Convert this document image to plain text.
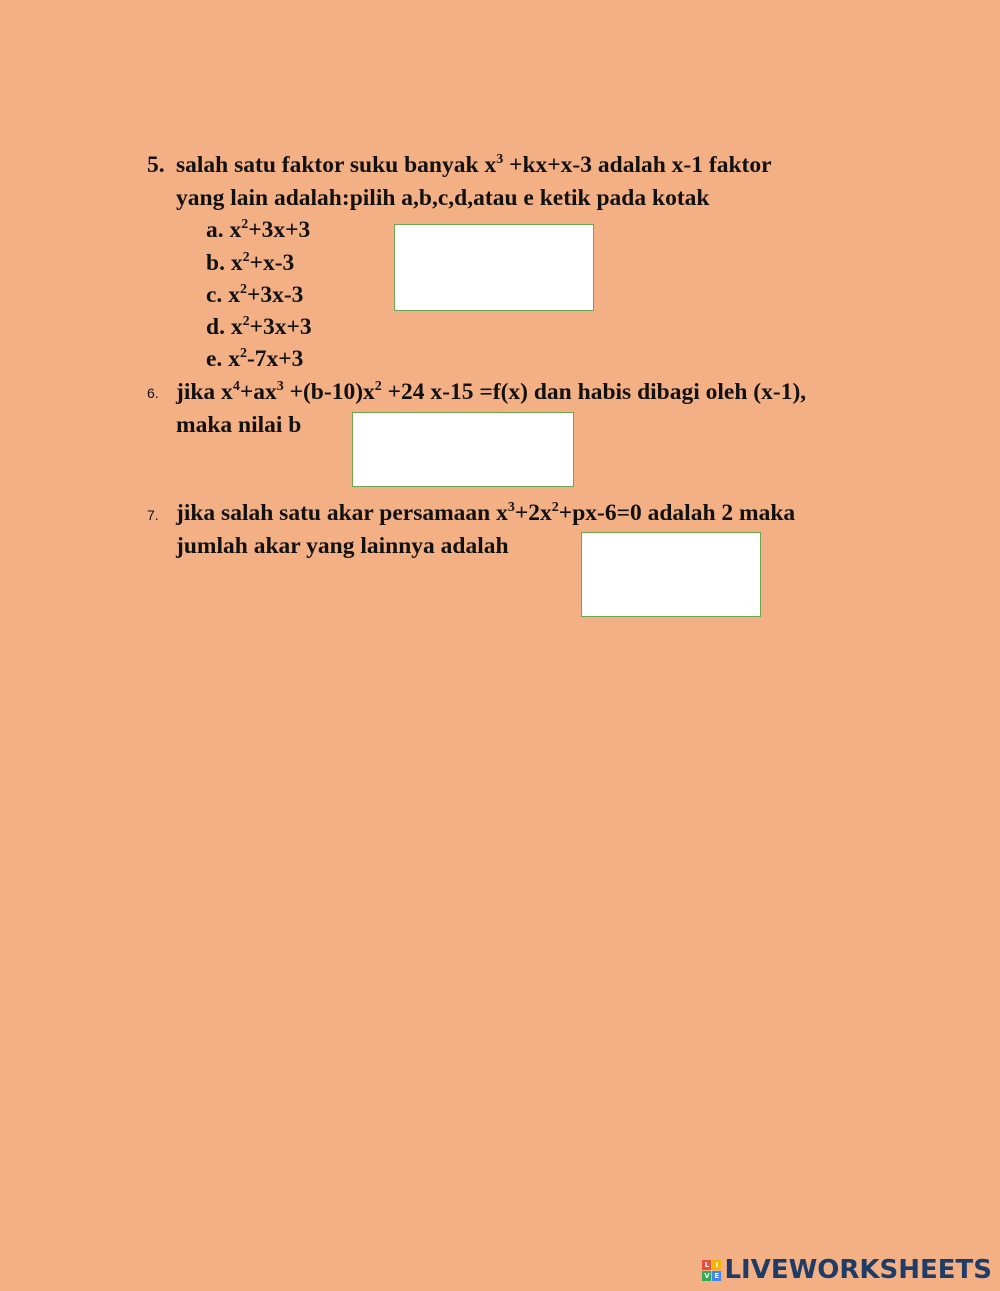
5. salah satu faktor suku banyak $x^3 +kx+x-3$ adalah x-1 faktor
yang lain adalah:pilih a,b,c,d,atau e ketik pada kotak
a. $x^2+3x+3$
b. $x^2+x-3$
c. $x^2+3x-3$
d. $x^2+3x+3$
e. $x^2-7x+3$
6. jika $x^4+ax^3 +(b-10)x^2 +24$ x-15 =f(x) dan habis dibagi oleh (x-1),
maka nilai b
7. jika salah satu akar persamaan $x^3+2x^2+px-6=0$ adalah 2 maka
jumlah akar yang lainnya adalah
L I
V E LIVEWORKSHEETS
